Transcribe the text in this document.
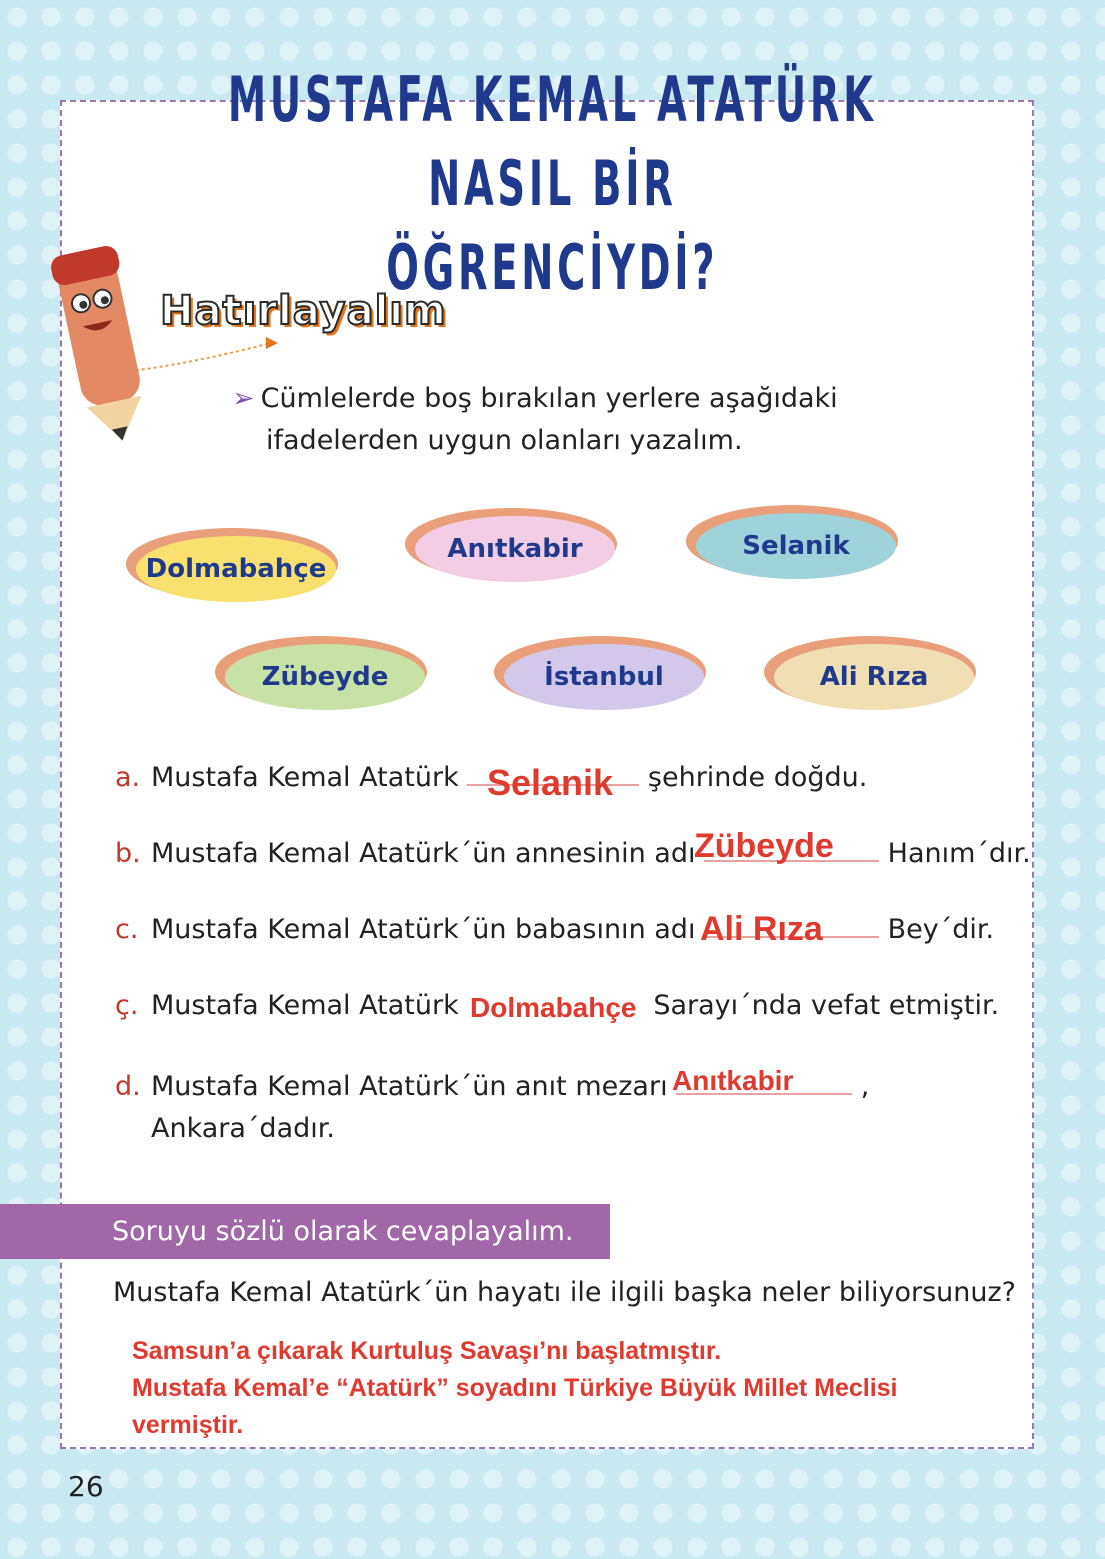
MUSTAFA KEMAL ATATÜRK NASIL BİR
ÖĞRENCİYDİ?
Hatırlayalım
➢ Cümlelerde boş bırakılan yerlere aşağıdaki
ifadelerden uygun olanları yazalım.
Dolmabahçe
Anıtkabir	Selanik
Zübeyde	İstanbul	Ali Rıza
a. Mustafa Kemal Atatürk	şehrinde doğdu.
Selanik
b. Mustafa Kemal Atatürk´ün annesinin adı	Hanım´dır.
Zübeyde
c. Mustafa Kemal Atatürk´ün babasının adı	Bey´dir.
Ali Rıza
ç. Mustafa Kemal Atatürk	Sarayı´nda vefat etmiştir.
Dolmabahçe
d. Mustafa Kemal Atatürk´ün anıt mezarı	,
Ankara´dadır.
Anıtkabir
Soruyu sözlü olarak cevaplayalım.
Mustafa Kemal Atatürk´ün hayatı ile ilgili başka neler biliyorsunuz?
Samsun’a çıkarak Kurtuluş Savaşı’nı başlatmıştır.
Mustafa Kemal’e “Atatürk” soyadını Türkiye Büyük Millet Meclisi
vermiştir.
26
